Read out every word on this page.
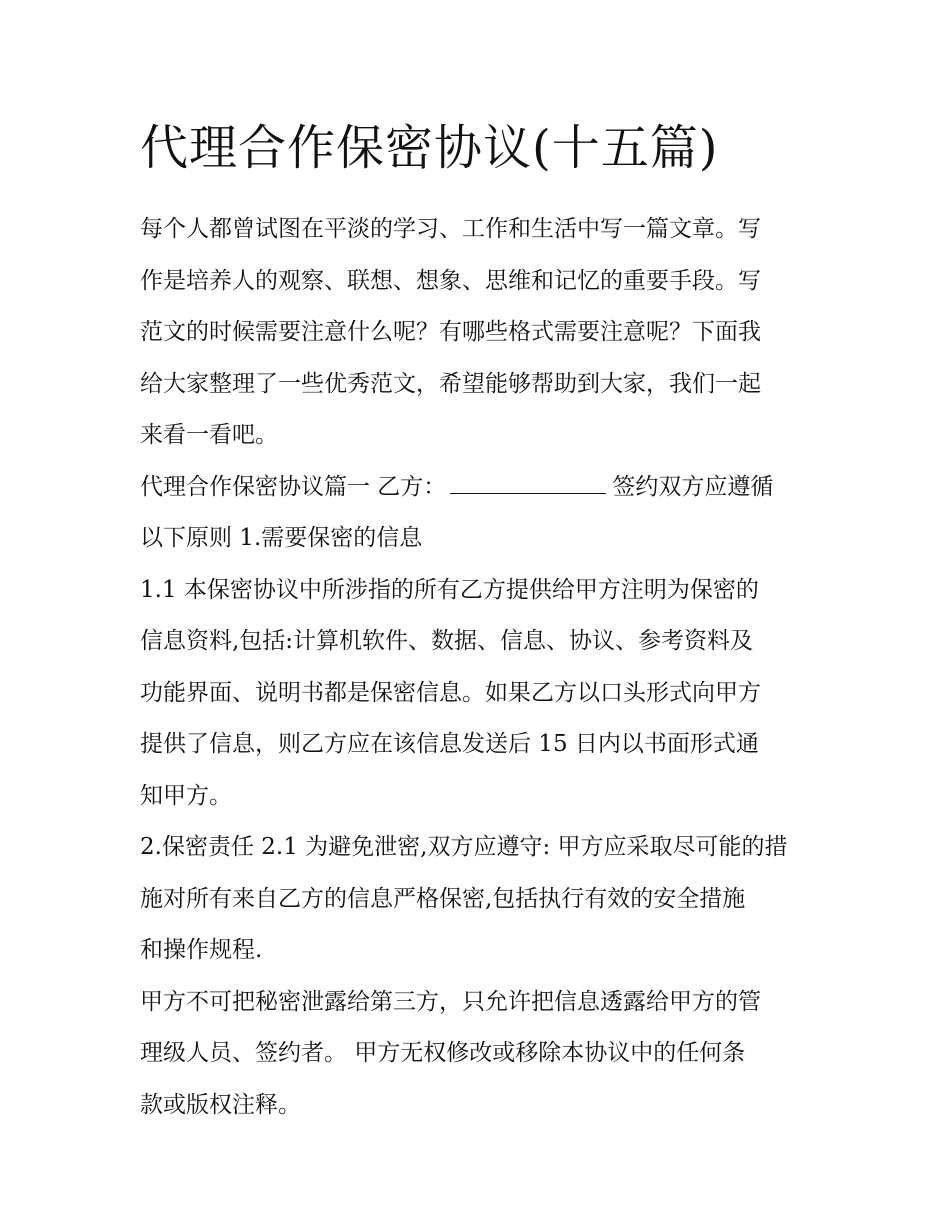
代理合作保密协议(十五篇)

每个人都曾试图在平淡的学习、工作和生活中写一篇文章。写
作是培养人的观察、联想、想象、思维和记忆的重要手段。写
范文的时候需要注意什么呢？有哪些格式需要注意呢？下面我
给大家整理了一些优秀范文，希望能够帮助到大家，我们一起
来看一看吧。

代理合作保密协议篇一 乙方：	签约双方应遵循
以下原则 1.需要保密的信息

1.1 本保密协议中所涉指的所有乙方提供给甲方注明为保密的
信息资料,包括:计算机软件、数据、信息、协议、参考资料及
功能界面、说明书都是保密信息。如果乙方以口头形式向甲方
提供了信息，则乙方应在该信息发送后 15 日内以书面形式通
知甲方。

2.保密责任 2.1 为避免泄密,双方应遵守: 甲方应采取尽可能的措
施对所有来自乙方的信息严格保密,包括执行有效的安全措施
和操作规程.

甲方不可把秘密泄露给第三方，只允许把信息透露给甲方的管
理级人员、签约者。 甲方无权修改或移除本协议中的任何条
款或版权注释。
